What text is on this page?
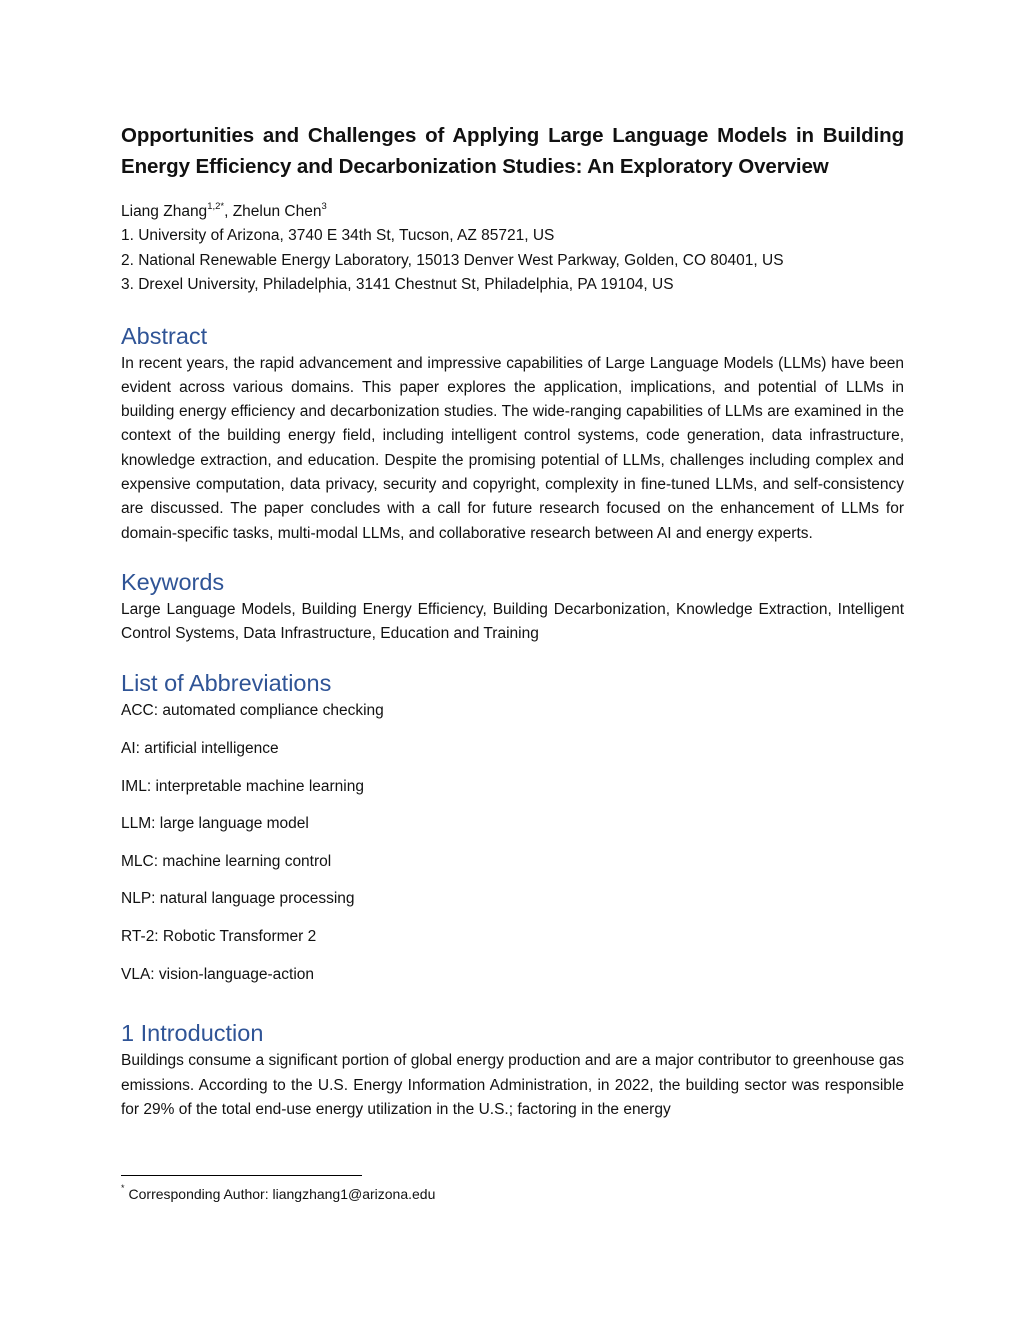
Opportunities and Challenges of Applying Large Language Models in Building Energy Efficiency and Decarbonization Studies: An Exploratory Overview
Liang Zhang$^{1,2*}$, Zhelun Chen$^3$
1. University of Arizona, 3740 E 34th St, Tucson, AZ 85721, US
2. National Renewable Energy Laboratory, 15013 Denver West Parkway, Golden, CO 80401, US
3. Drexel University, Philadelphia, 3141 Chestnut St, Philadelphia, PA 19104, US
Abstract

In recent years, the rapid advancement and impressive capabilities of Large Language Models (LLMs) have been evident across various domains. This paper explores the application, implications, and potential of LLMs in building energy efficiency and decarbonization studies. The wide-ranging capabilities of LLMs are examined in the context of the building energy field, including intelligent control systems, code generation, data infrastructure, knowledge extraction, and education. Despite the promising potential of LLMs, challenges including complex and expensive computation, data privacy, security and copyright, complexity in fine-tuned LLMs, and self-consistency are discussed. The paper concludes with a call for future research focused on the enhancement of LLMs for domain-specific tasks, multi-modal LLMs, and collaborative research between AI and energy experts.

Keywords

Large Language Models, Building Energy Efficiency, Building Decarbonization, Knowledge Extraction, Intelligent Control Systems, Data Infrastructure, Education and Training

List of Abbreviations
ACC: automated compliance checking
AI: artificial intelligence
IML: interpretable machine learning
LLM: large language model
MLC: machine learning control
NLP: natural language processing
RT-2: Robotic Transformer 2
VLA: vision-language-action
1 Introduction

Buildings consume a significant portion of global energy production and are a major contributor to greenhouse gas emissions. According to the U.S. Energy Information Administration, in 2022, the building sector was responsible for 29% of the total end-use energy utilization in the U.S.; factoring in the energy

* Corresponding Author: liangzhang1@arizona.edu
